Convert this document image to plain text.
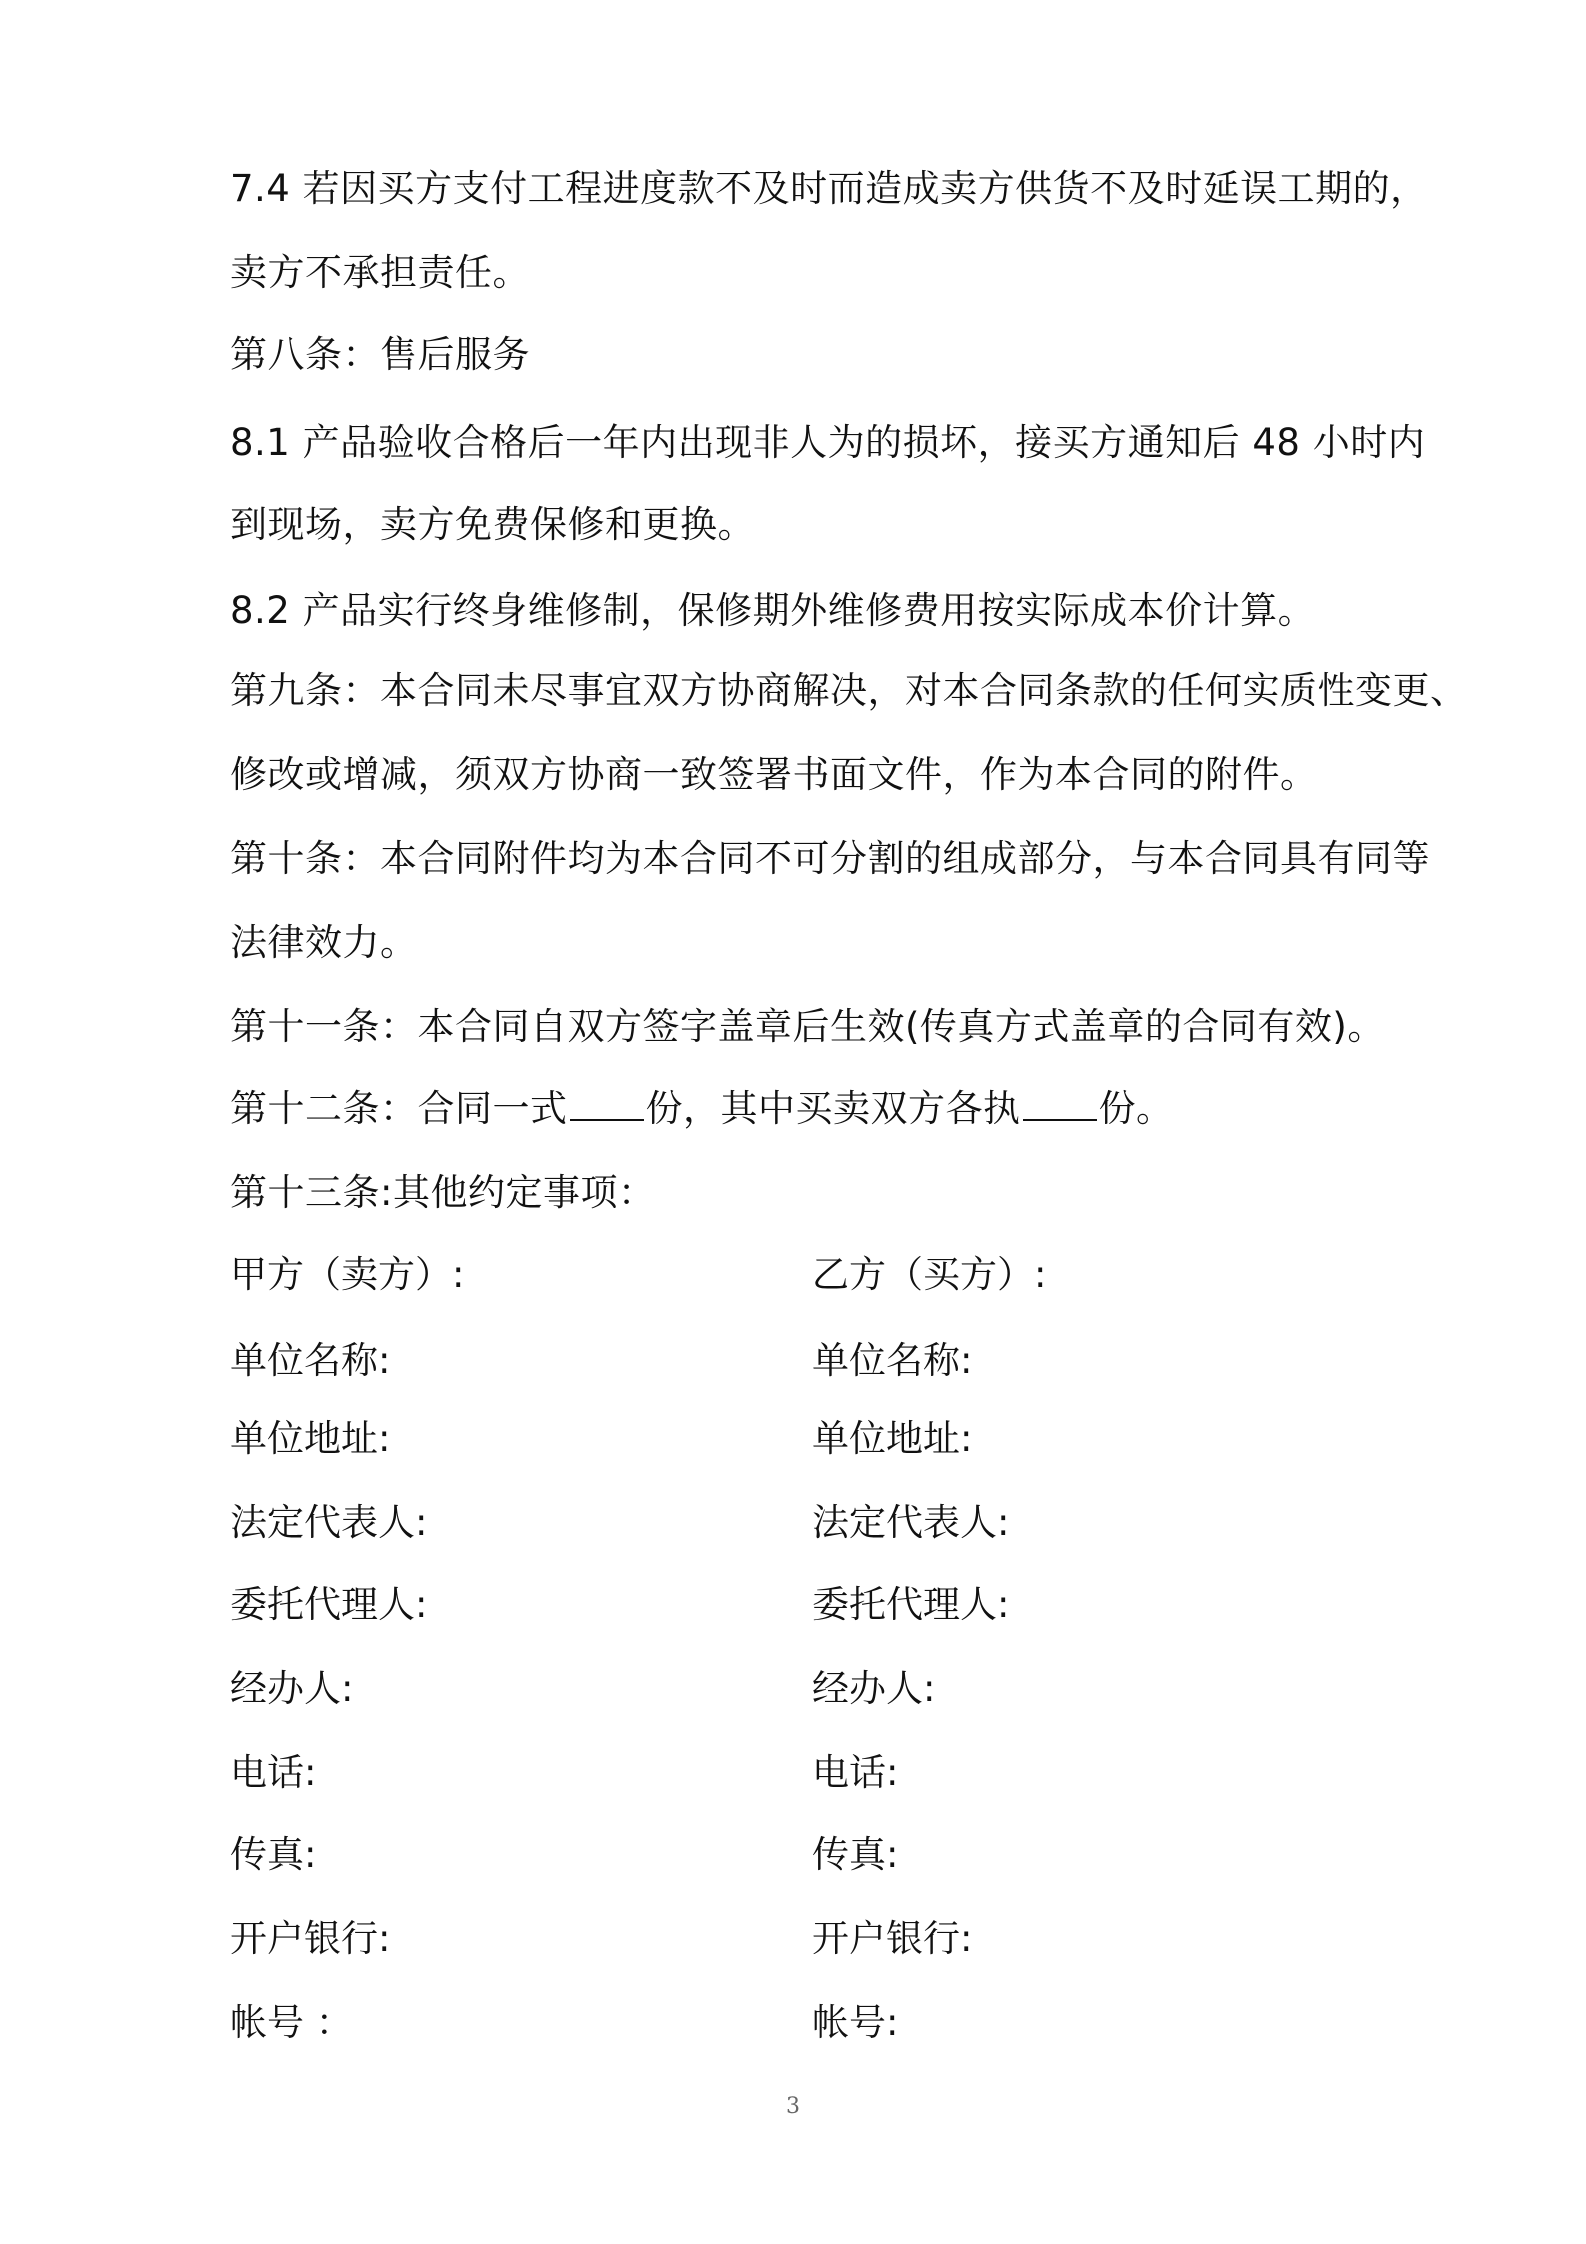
7.4 若因买方支付工程进度款不及时而造成卖方供货不及时延误工期的，
卖方不承担责任。
第八条：售后服务
8.1 产品验收合格后一年内出现非人为的损坏，接买方通知后 48 小时内
到现场，卖方免费保修和更换。
8.2 产品实行终身维修制，保修期外维修费用按实际成本价计算。
第九条：本合同未尽事宜双方协商解决，对本合同条款的任何实质性变更、
修改或增减，须双方协商一致签署书面文件，作为本合同的附件。
第十条：本合同附件均为本合同不可分割的组成部分，与本合同具有同等
法律效力。
第十一条：本合同自双方签字盖章后生效(传真方式盖章的合同有效)。
第十二条：合同一式 份，其中买卖双方各执 份。
第十三条:其他约定事项：
甲方（卖方）:
单位名称:
单位地址:
法定代表人:
委托代理人:
经办人:
电话:
传真:
开户银行:
帐号 ：
乙方（买方）:
单位名称:
单位地址:
法定代表人:
委托代理人:
经办人:
电话:
传真:
开户银行:
帐号:
3
